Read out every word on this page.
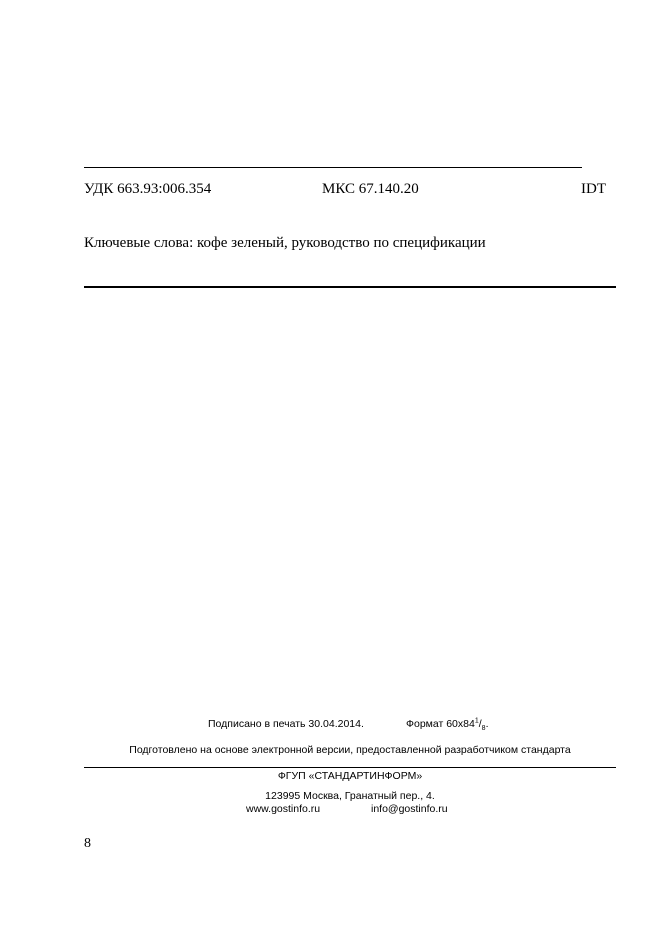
УДК 663.93:006.354	МКС 67.140.20	IDT
Ключевые слова: кофе зеленый, руководство по спецификации
Подписано в печать 30.04.2014.	Формат $60х84^1/_8$.
Подготовлено на основе электронной версии, предоставленной разработчиком стандарта
ФГУП «СТАНДАРТИНФОРМ»
123995 Москва, Гранатный пер., 4.
www.gostinfo.ru	info@gostinfo.ru
8
